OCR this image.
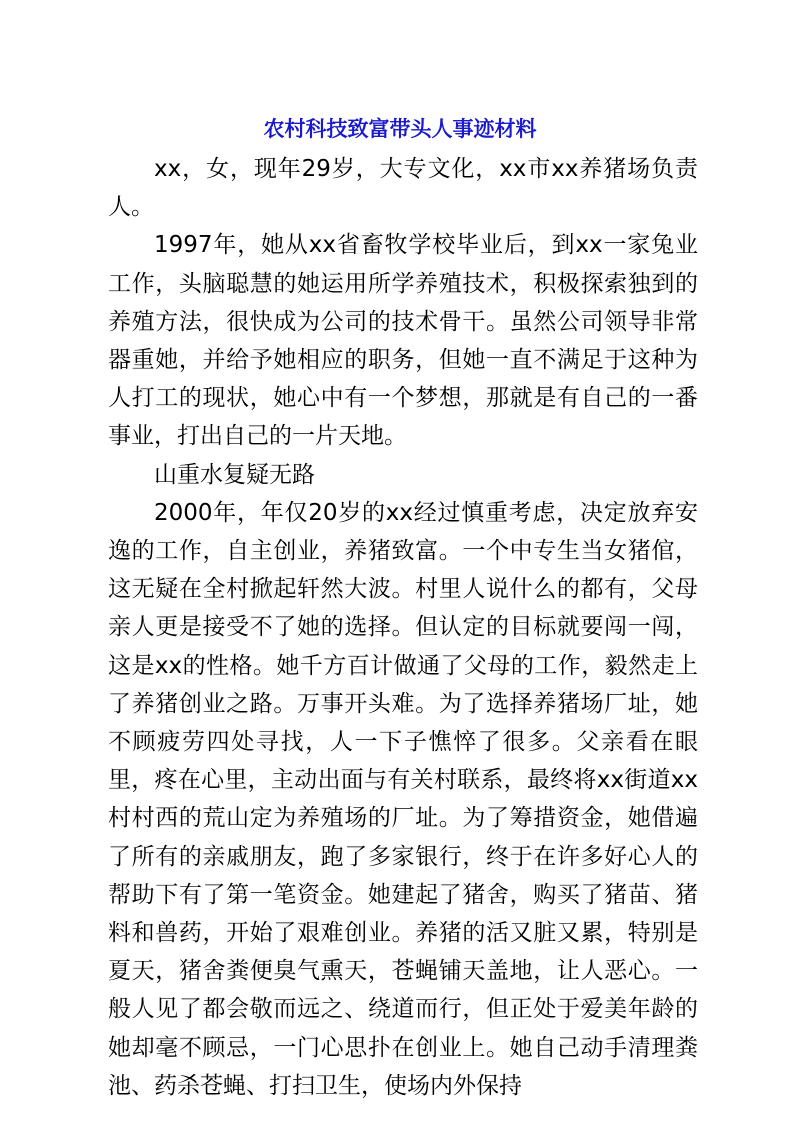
农村科技致富带头人事迹材料

xx，女，现年29岁，大专文化，xx市xx养猪场负责人。

1997年，她从xx省畜牧学校毕业后，到xx一家兔业工作，头脑聪慧的她运用所学养殖技术，积极探索独到的养殖方法，很快成为公司的技术骨干。虽然公司领导非常器重她，并给予她相应的职务，但她一直不满足于这种为人打工的现状，她心中有一个梦想，那就是有自己的一番事业，打出自己的一片天地。

山重水复疑无路

2000年，年仅20岁的xx经过慎重考虑，决定放弃安逸的工作，自主创业，养猪致富。一个中专生当女猪倌，这无疑在全村掀起轩然大波。村里人说什么的都有，父母亲人更是接受不了她的选择。但认定的目标就要闯一闯，这是xx的性格。她千方百计做通了父母的工作，毅然走上了养猪创业之路。万事开头难。为了选择养猪场厂址，她不顾疲劳四处寻找，人一下子憔悴了很多。父亲看在眼里，疼在心里，主动出面与有关村联系，最终将xx街道xx村村西的荒山定为养殖场的厂址。为了筹措资金，她借遍了所有的亲戚朋友，跑了多家银行，终于在许多好心人的帮助下有了第一笔资金。她建起了猪舍，购买了猪苗、猪料和兽药，开始了艰难创业。养猪的活又脏又累，特别是夏天，猪舍粪便臭气熏天，苍蝇铺天盖地，让人恶心。一般人见了都会敬而远之、绕道而行，但正处于爱美年龄的她却毫不顾忌，一门心思扑在创业上。她自己动手清理粪池、药杀苍蝇、打扫卫生，使场内外保持
